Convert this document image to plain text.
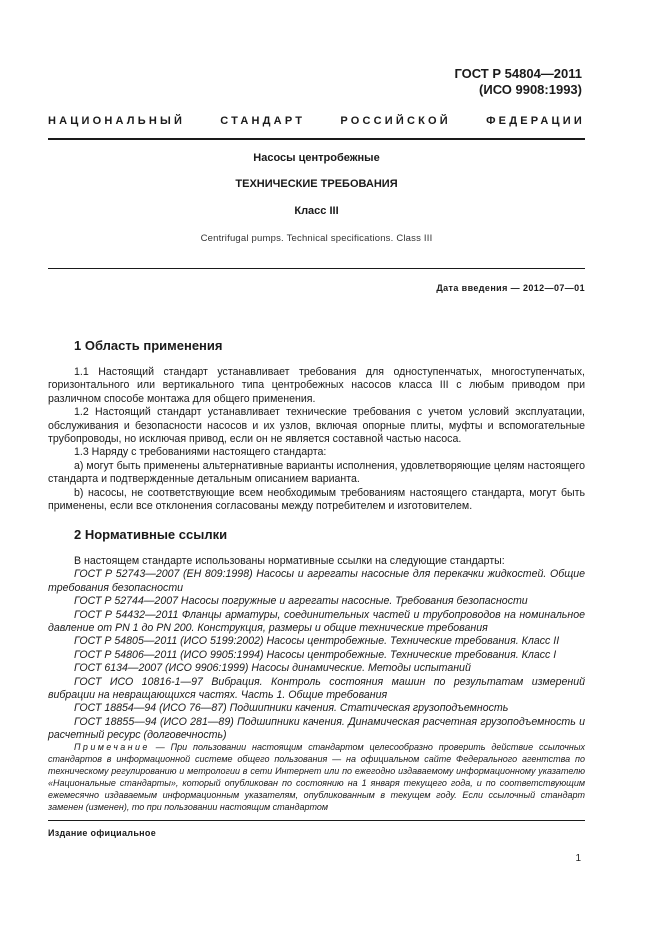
ГОСТ Р 54804—2011
(ИСО 9908:1993)
НАЦИОНАЛЬНЫЙ	СТАНДАРТ	РОССИЙСКОЙ	ФЕДЕРАЦИИ
Насосы центробежные
ТЕХНИЧЕСКИЕ ТРЕБОВАНИЯ
Класс III
Centrifugal pumps. Technical specifications. Class III
Дата введения — 2012—07—01
1 Область применения

1.1 Настоящий стандарт устанавливает требования для одноступенчатых, многоступенчатых, горизонтального или вертикального типа центробежных насосов класса III с любым приводом при различном способе монтажа для общего применения.

1.2 Настоящий стандарт устанавливает технические требования с учетом условий эксплуатации, обслуживания и безопасности насосов и их узлов, включая опорные плиты, муфты и вспомогательные трубопроводы, но исключая привод, если он не является составной частью насоса.

1.3 Наряду с требованиями настоящего стандарта:

а) могут быть применены альтернативные варианты исполнения, удовлетворяющие целям настоящего стандарта и подтвержденные детальным описанием варианта.

b) насосы, не соответствующие всем необходимым требованиям настоящего стандарта, могут быть применены, если все отклонения согласованы между потребителем и изготовителем.

2 Нормативные ссылки

В настоящем стандарте использованы нормативные ссылки на следующие стандарты:

ГОСТ Р 52743—2007 (ЕН 809:1998) Насосы и агрегаты насосные для перекачки жидкостей. Общие требования безопасности

ГОСТ Р 52744—2007 Насосы погружные и агрегаты насосные. Требования безопасности

ГОСТ Р 54432—2011 Фланцы арматуры, соединительных частей и трубопроводов на номинальное давление от PN 1 до PN 200. Конструкция, размеры и общие технические требования

ГОСТ Р 54805—2011 (ИСО 5199:2002) Насосы центробежные. Технические требования. Класс II

ГОСТ Р 54806—2011 (ИСО 9905:1994) Насосы центробежные. Технические требования. Класс I

ГОСТ 6134—2007 (ИСО 9906:1999) Насосы динамические. Методы испытаний

ГОСТ ИСО 10816-1—97 Вибрация. Контроль состояния машин по результатам измерений вибрации на невращающихся частях. Часть 1. Общие требования

ГОСТ 18854—94 (ИСО 76—87) Подшипники качения. Статическая грузоподъемность

ГОСТ 18855—94 (ИСО 281—89) Подшипники качения. Динамическая расчетная грузоподъемность и расчетный ресурс (долговечность)

Примечание — При пользовании настоящим стандартом целесообразно проверить действие ссылочных стандартов в информационной системе общего пользования — на официальном сайте Федерального агентства по техническому регулированию и метрологии в сети Интернет или по ежегодно издаваемому информационному указателю «Национальные стандарты», который опубликован по состоянию на 1 января текущего года, и по соответствующим ежемесячно издаваемым информационным указателям, опубликованным в текущем году. Если ссылочный стандарт заменен (изменен), то при пользовании настоящим стандартом
Издание официальное
1
